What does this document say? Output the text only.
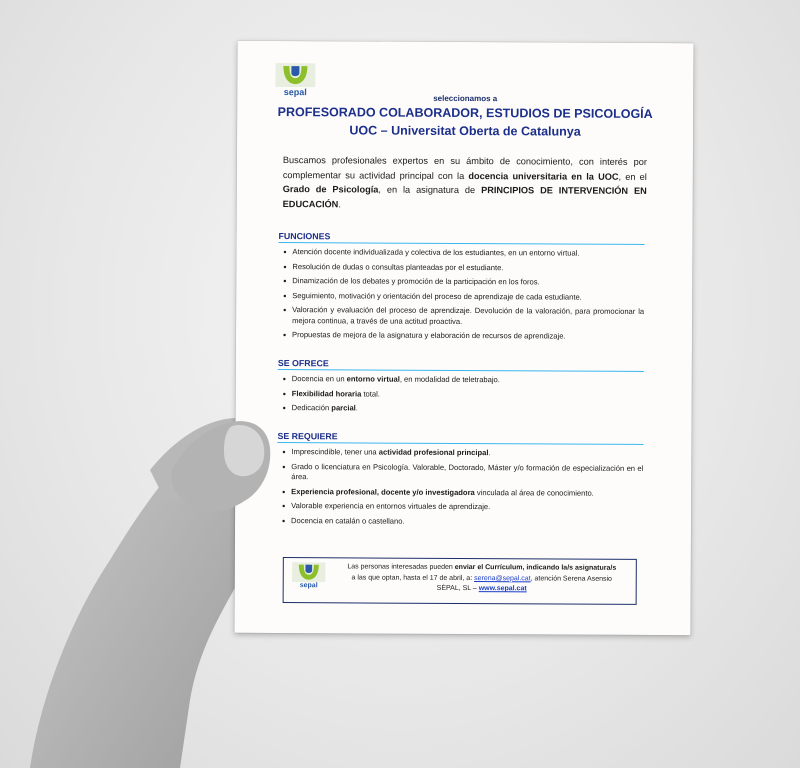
sepal
seleccionamos a
PROFESORADO COLABORADOR, ESTUDIOS DE PSICOLOGÍA
UOC – Universitat Oberta de Catalunya
Buscamos profesionales expertos en su ámbito de conocimiento, con interés por complementar su actividad principal con la docencia universitaria en la UOC, en el Grado de Psicología, en la asignatura de PRINCIPIOS DE INTERVENCIÓN EN EDUCACIÓN.
FUNCIONES
• Atención docente individualizada y colectiva de los estudiantes, en un entorno virtual.
• Resolución de dudas o consultas planteadas por el estudiante.
• Dinamización de los debates y promoción de la participación en los foros.
• Seguimiento, motivación y orientación del proceso de aprendizaje de cada estudiante.
• Valoración y evaluación del proceso de aprendizaje. Devolución de la valoración, para promocionar la mejora continua, a través de una actitud proactiva.
• Propuestas de mejora de la asignatura y elaboración de recursos de aprendizaje.
SE OFRECE
• Docencia en un entorno virtual, en modalidad de teletrabajo.
• Flexibilidad horaria total.
• Dedicación parcial.
SE REQUIERE
• Imprescindible, tener una actividad profesional principal.
• Grado o licenciatura en Psicología. Valorable, Doctorado, Máster y/o formación de especialización en el área.
• Experiencia profesional, docente y/o investigadora vinculada al área de conocimiento.
• Valorable experiencia en entornos virtuales de aprendizaje.
• Docencia en catalán o castellano.
sepal
Las personas interesadas pueden enviar el Currículum, indicando la/s asignatura/s
a las que optan, hasta el 17 de abril, a: serena@sepal.cat, atención Serena Asensio
SÈPAL, SL – www.sepal.cat
